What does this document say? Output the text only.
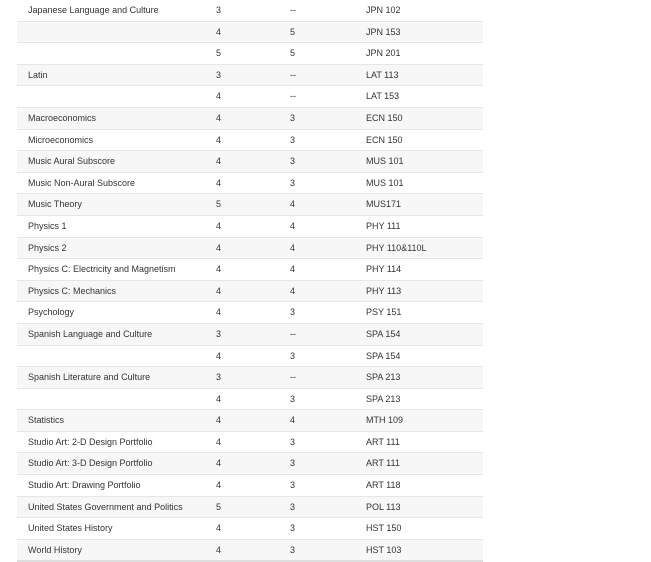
Japanese Language and Culture	3	--	JPN 102
	4	5	JPN 153
	5	5	JPN 201
Latin	3	--	LAT 113
	4	--	LAT 153
Macroeconomics	4	3	ECN 150
Microeconomics	4	3	ECN 150
Music Aural Subscore	4	3	MUS 101
Music Non-Aural Subscore	4	3	MUS 101
Music Theory	5	4	MUS171
Physics 1	4	4	PHY 111
Physics 2	4	4	PHY 110&110L
Physics C: Electricity and Magnetism	4	4	PHY 114
Physics C: Mechanics	4	4	PHY 113
Psychology	4	3	PSY 151
Spanish Language and Culture	3	--	SPA 154
	4	3	SPA 154
Spanish Literature and Culture	3	--	SPA 213
	4	3	SPA 213
Statistics	4	4	MTH 109
Studio Art: 2-D Design Portfolio	4	3	ART 111
Studio Art: 3-D Design Portfolio	4	3	ART 111
Studio Art: Drawing Portfolio	4	3	ART 118
United States Government and Politics	5	3	POL 113
United States History	4	3	HST 150
World History	4	3	HST 103
